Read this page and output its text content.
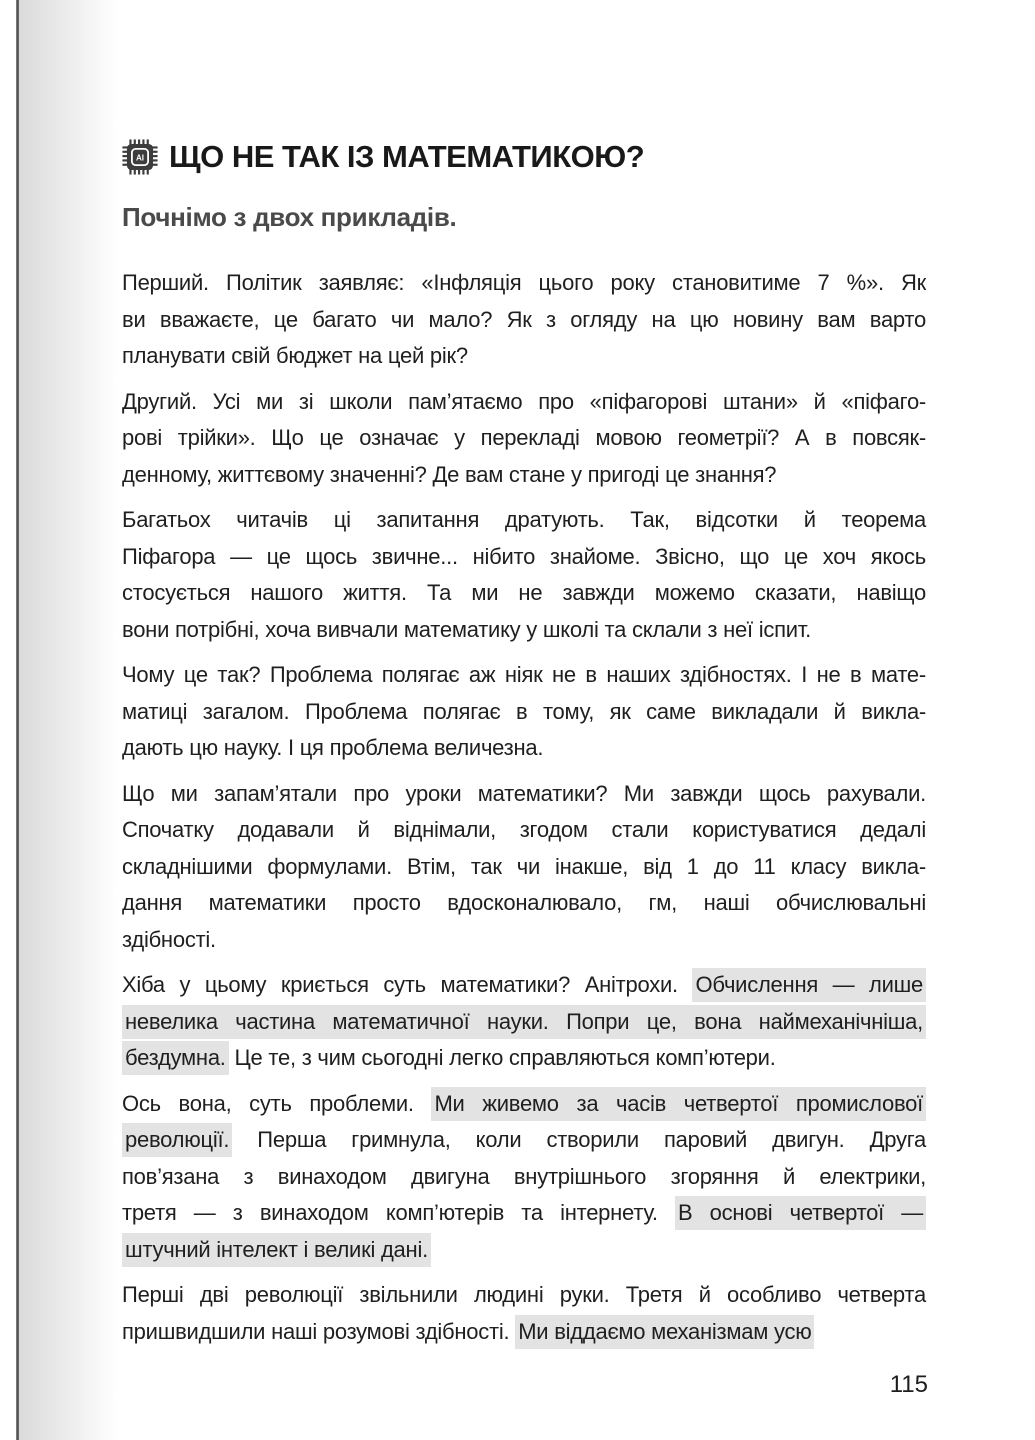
AI ЩО НЕ ТАК ІЗ МАТЕМАТИКОЮ?
Почнімо з двох прикладів.
Перший. Політик заявляє: «Інфляція цього року становитиме 7 %». Як
ви вважаєте, це багато чи мало? Як з огляду на цю новину вам варто
планувати свій бюджет на цей рік?
Другий. Усі ми зі школи пам’ятаємо про «піфагорові штани» й «піфаго-
рові трійки». Що це означає у перекладі мовою геометрії? А в повсяк-
денному, життєвому значенні? Де вам стане у пригоді це знання?
Багатьох читачів ці запитання дратують. Так, відсотки й теорема
Піфагора — це щось звичне... нібито знайоме. Звісно, що це хоч якось
стосується нашого життя. Та ми не завжди можемо сказати, навіщо
вони потрібні, хоча вивчали математику у школі та склали з неї іспит.
Чому це так? Проблема полягає аж ніяк не в наших здібностях. І не в мате-
матиці загалом. Проблема полягає в тому, як саме викладали й викла-
дають цю науку. І ця проблема величезна.
Що ми запам’ятали про уроки математики? Ми завжди щось рахували.
Спочатку додавали й віднімали, згодом стали користуватися дедалі
складнішими формулами. Втім, так чи інакше, від 1 до 11 класу викла-
дання математики просто вдосконалювало, гм, наші обчислювальні
здібності.
Хіба у цьому криється суть математики? Анітрохи. Обчислення — лише
невелика частина математичної науки. Попри це, вона наймеханічніша,
бездумна. Це те, з чим сьогодні легко справляються комп’ютери.
Ось вона, суть проблеми. Ми живемо за часів четвертої промислової
революції. Перша гримнула, коли створили паровий двигун. Друга
пов’язана з винаходом двигуна внутрішнього згоряння й електрики,
третя — з винаходом комп’ютерів та інтернету. В основі четвертої —
штучний інтелект і великі дані.
Перші дві революції звільнили людині руки. Третя й особливо четверта
пришвидшили наші розумові здібності. Ми віддаємо механізмам усю
115
